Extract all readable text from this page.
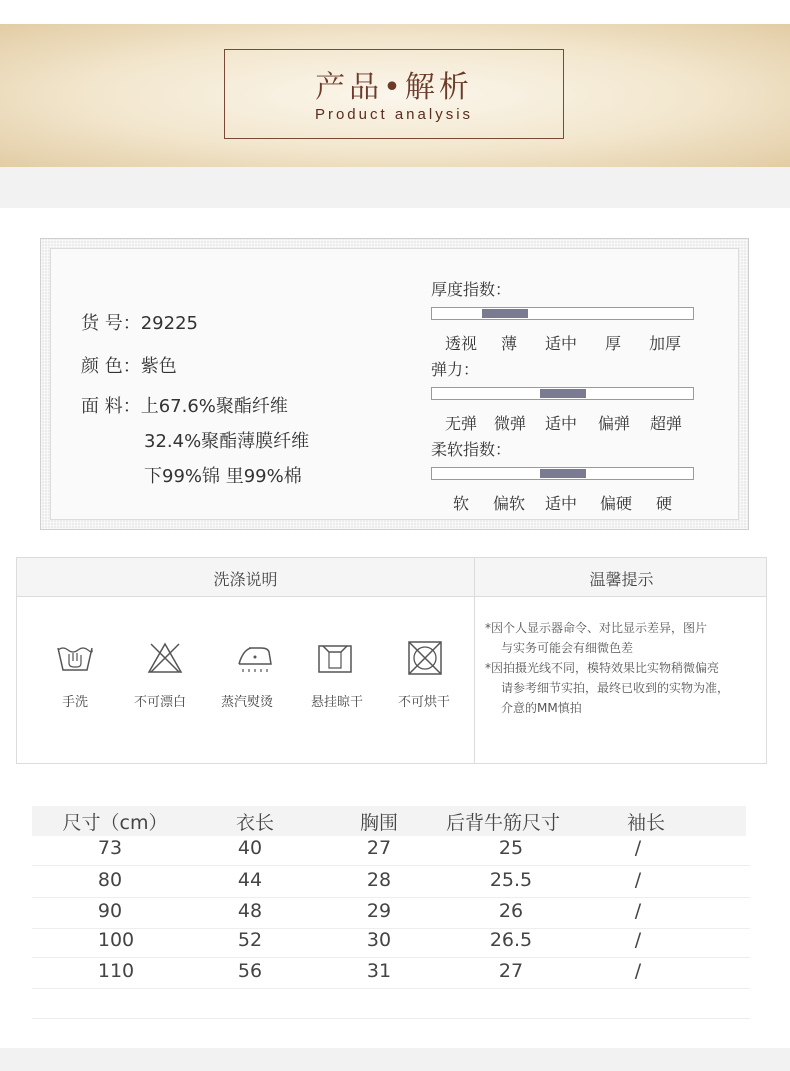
产品•解析
Product analysis
货 号：29225
颜 色：紫色
面 料：上67.6%聚酯纤维
32.4%聚酯薄膜纤维
下99%锦 里99%棉
厚度指数：
透视 薄 适中 厚 加厚
弹力：
无弹 微弹 适中 偏弹 超弹
柔软指数：
软 偏软 适中 偏硬 硬
洗涤说明	温馨提示
手洗	不可漂白	蒸汽熨烫	悬挂晾干	不可烘干
*因个人显示器命令、对比显示差异，图片
与实务可能会有细微色差
*因拍摄光线不同，模特效果比实物稍微偏亮
请参考细节实拍，最终已收到的实物为准，
介意的MM慎拍
尺寸（cm）	衣长	胸围	后背牛筋尺寸	袖长
73	40	27	25	/
80	44	28	25.5	/
90	48	29	26	/
100	52	30	26.5	/
110	56	31	27	/
